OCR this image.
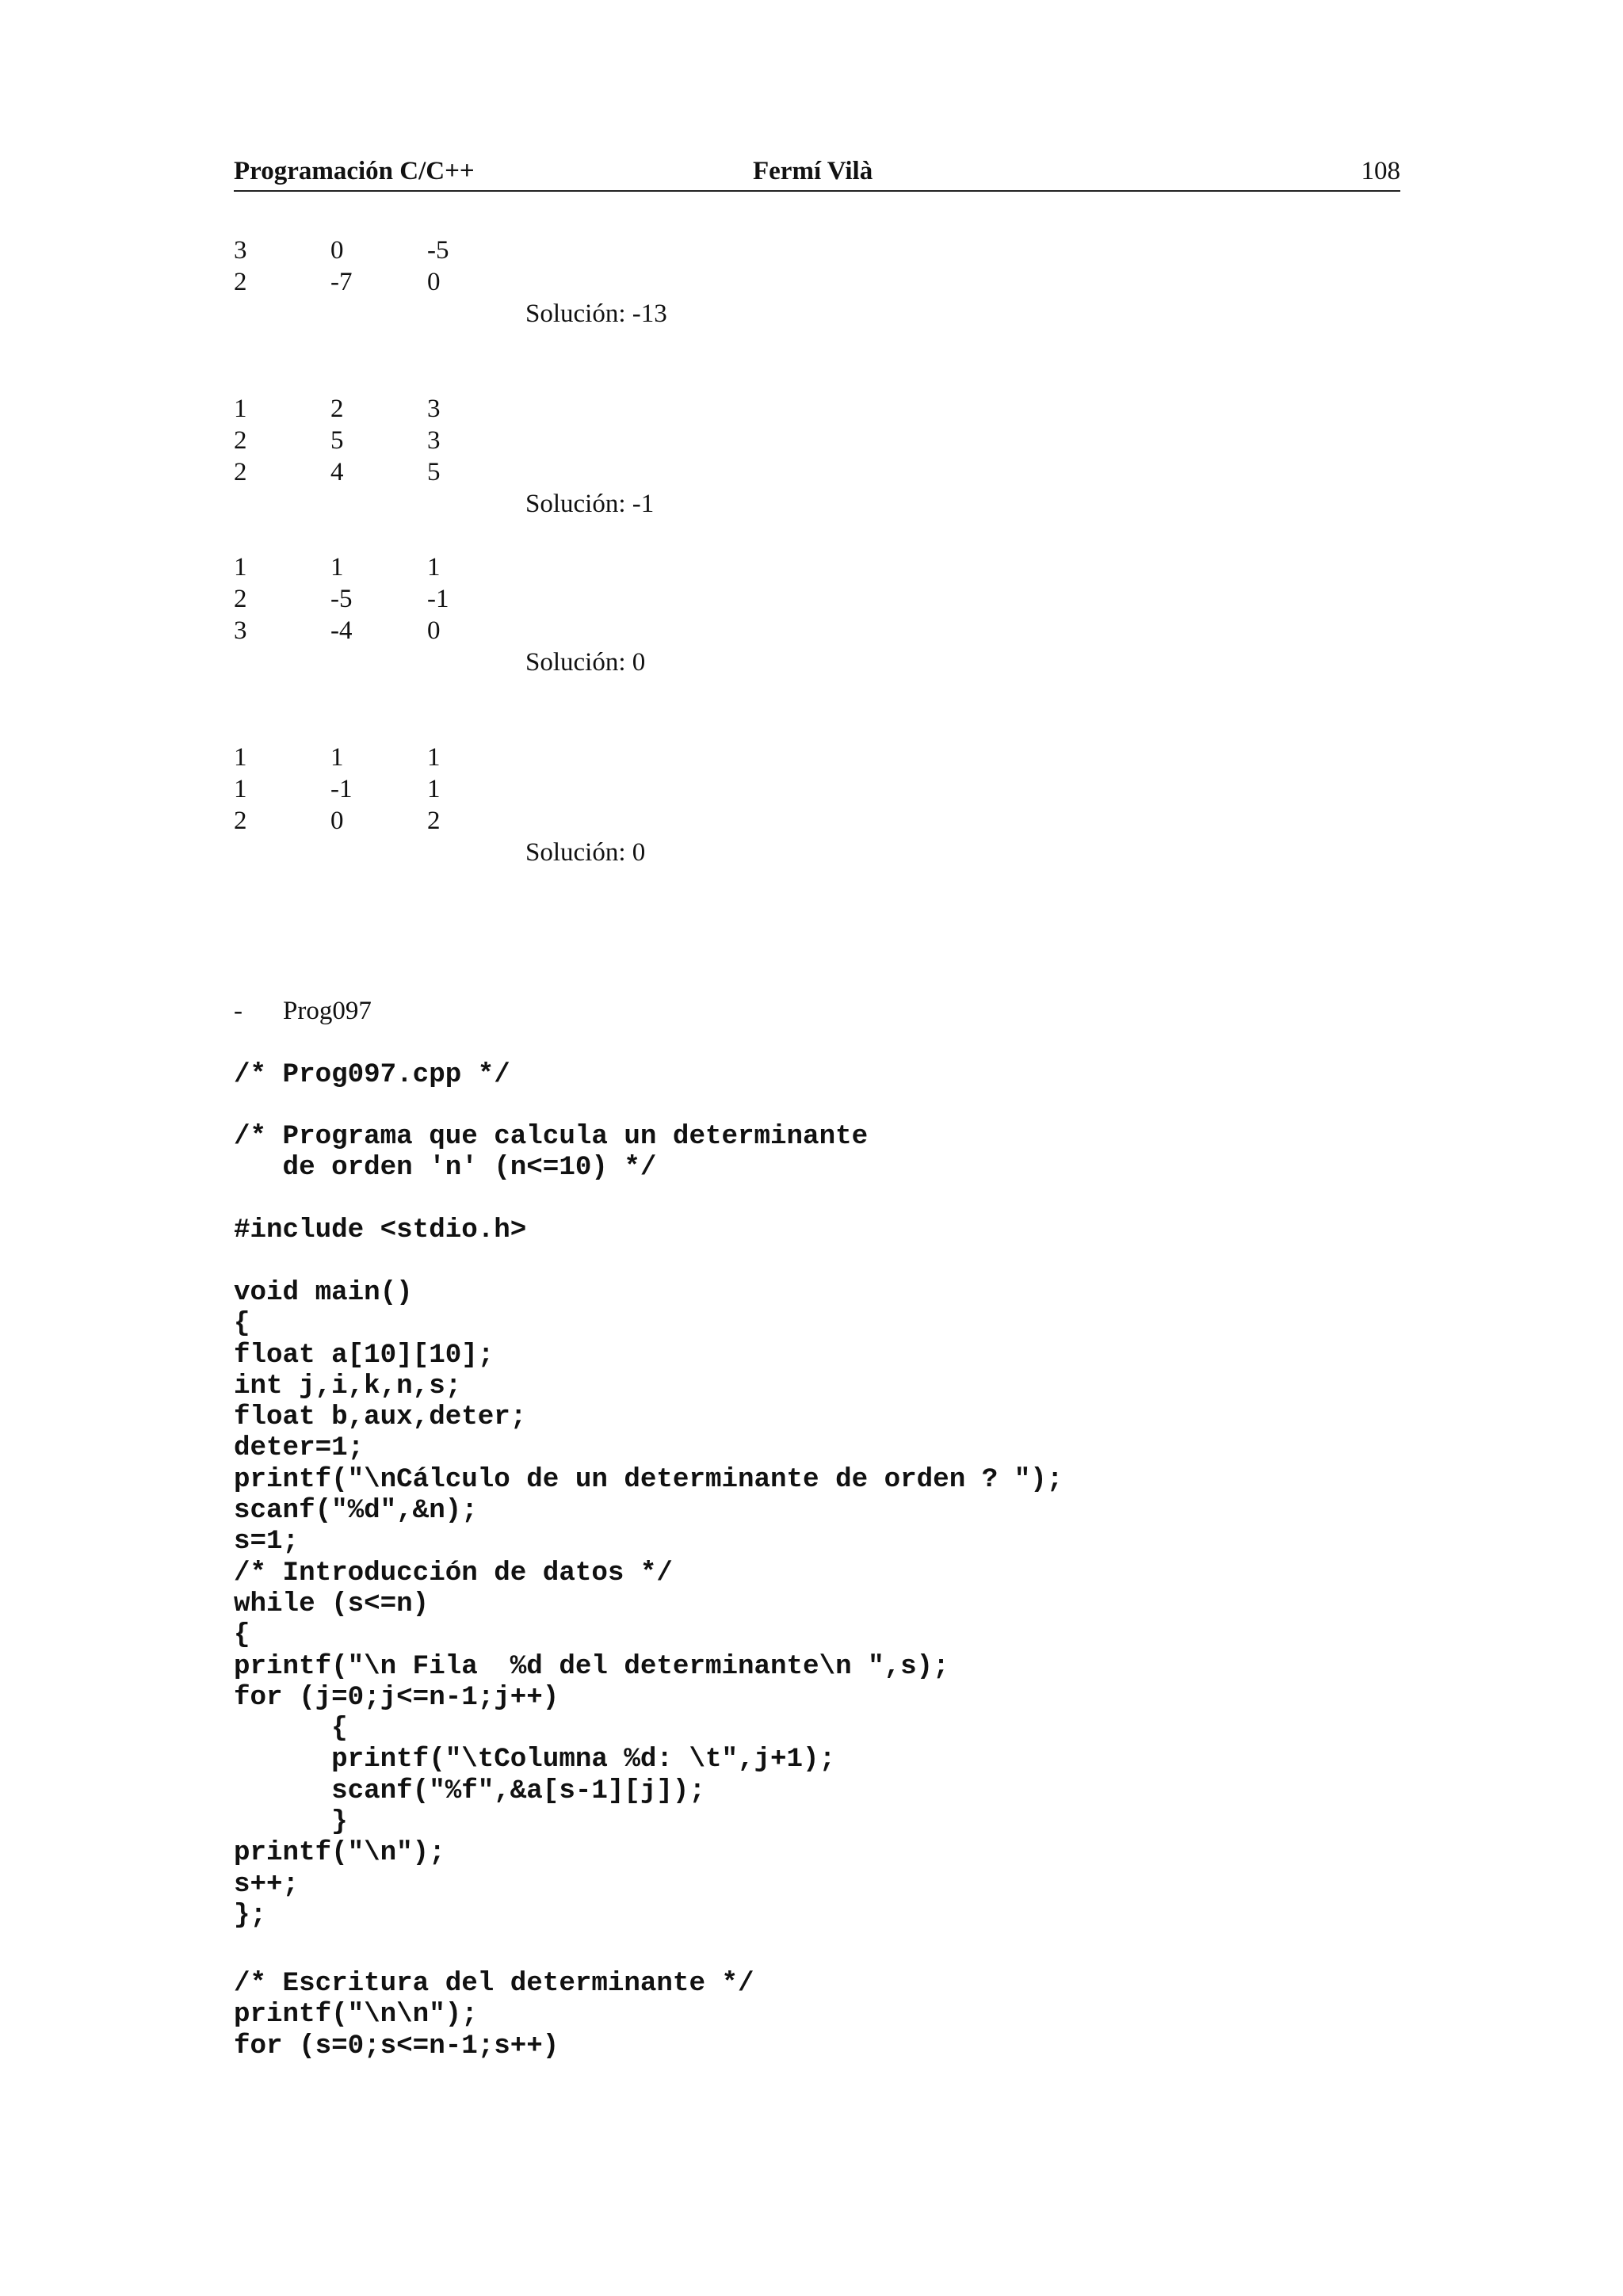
Programación C/C++	Fermí Vilà	108
3	0	-5
2	-7	0
Solución: -13
1	2	3
2	5	3
2	4	5
Solución: -1
1	1	1
2	-5	-1
3	-4	0
Solución: 0
1	1	1
1	-1	1
2	0	2
Solución: 0
- Prog097
/* Prog097.cpp */
/* Programa que calcula un determinante
de orden 'n' (n<=10) */
#include <stdio.h>
void main()
{
float a[10][10];
int j,i,k,n,s;
float b,aux,deter;
deter=1;
printf("\nCálculo de un determinante de orden ? ");
scanf("%d",&n);
s=1;
/* Introducción de datos */
while (s<=n)
{
printf("\n Fila  %d del determinante\n ",s);
for (j=0;j<=n-1;j++)
{
printf("\tColumna %d: \t",j+1);
scanf("%f",&a[s-1][j]);
}
printf("\n");
s++;
};
/* Escritura del determinante */
printf("\n\n");
for (s=0;s<=n-1;s++)
